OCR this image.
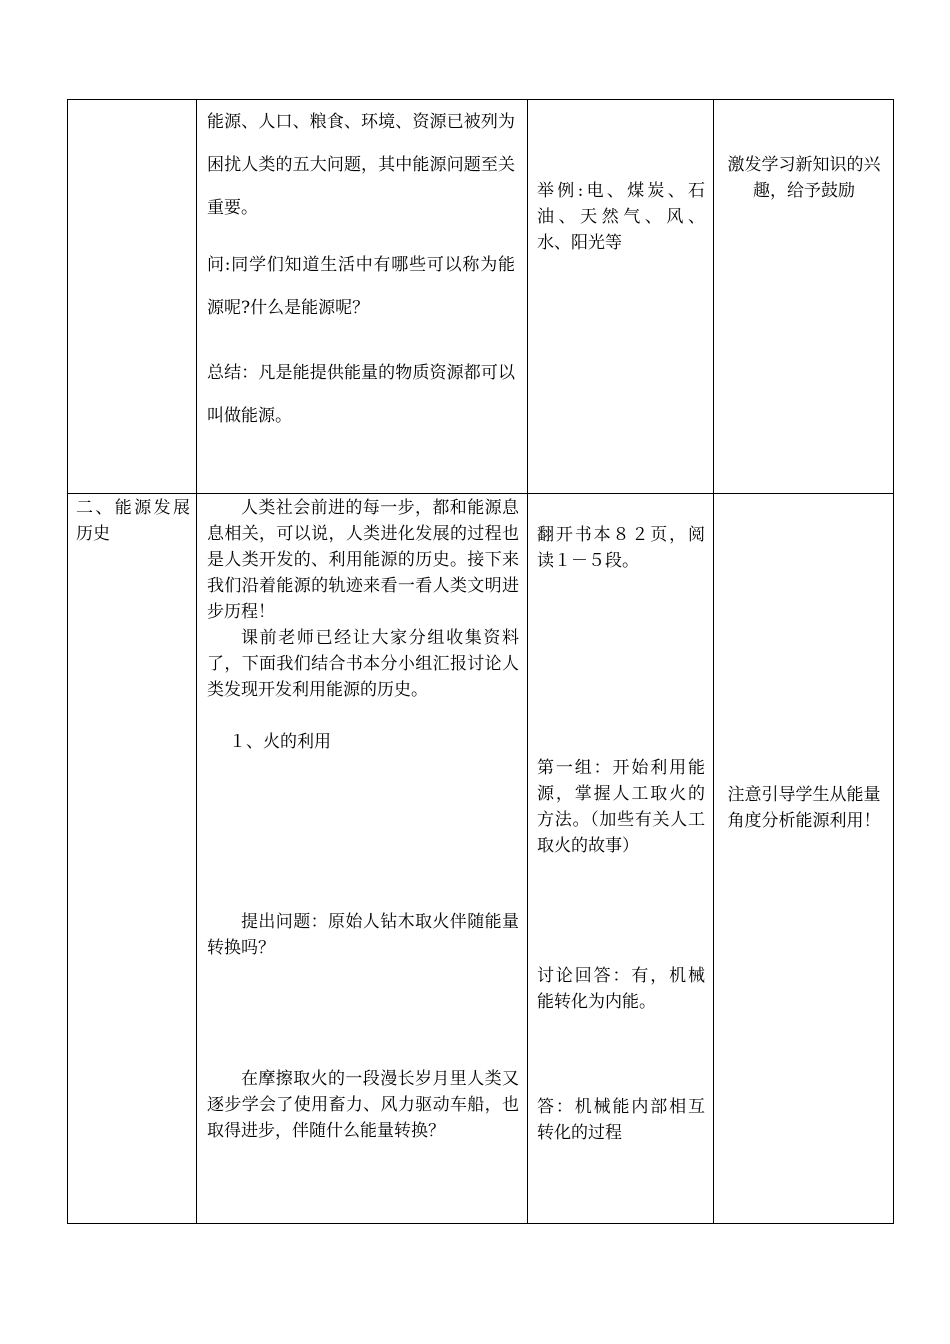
能源、人口、粮食、环境、资源已被列为困扰人类的五大问题，其中能源问题至关重要。
问:同学们知道生活中有哪些可以称为能源呢?什么是能源呢？
总结：凡是能提供能量的物质资源都可以叫做能源。
举例:电、煤炭、石油、天然气、风、水、阳光等
激发学习新知识的兴趣，给予鼓励
二、能源发展历史
人类社会前进的每一步，都和能源息息相关，可以说，人类进化发展的过程也是人类开发的、利用能源的历史。接下来我们沿着能源的轨迹来看一看人类文明进步历程！
课前老师已经让大家分组收集资料了，下面我们结合书本分小组汇报讨论人类发现开发利用能源的历史。
１、火的利用
提出问题：原始人钻木取火伴随能量转换吗？
在摩擦取火的一段漫长岁月里人类又逐步学会了使用畜力、风力驱动车船，也取得进步，伴随什么能量转换？
翻开书本８２页，阅读１－５段。
第一组：开始利用能源，掌握人工取火的方法。（加些有关人工取火的故事）
讨论回答：有，机械能转化为内能。
答：机械能内部相互转化的过程
注意引导学生从能量角度分析能源利用！
